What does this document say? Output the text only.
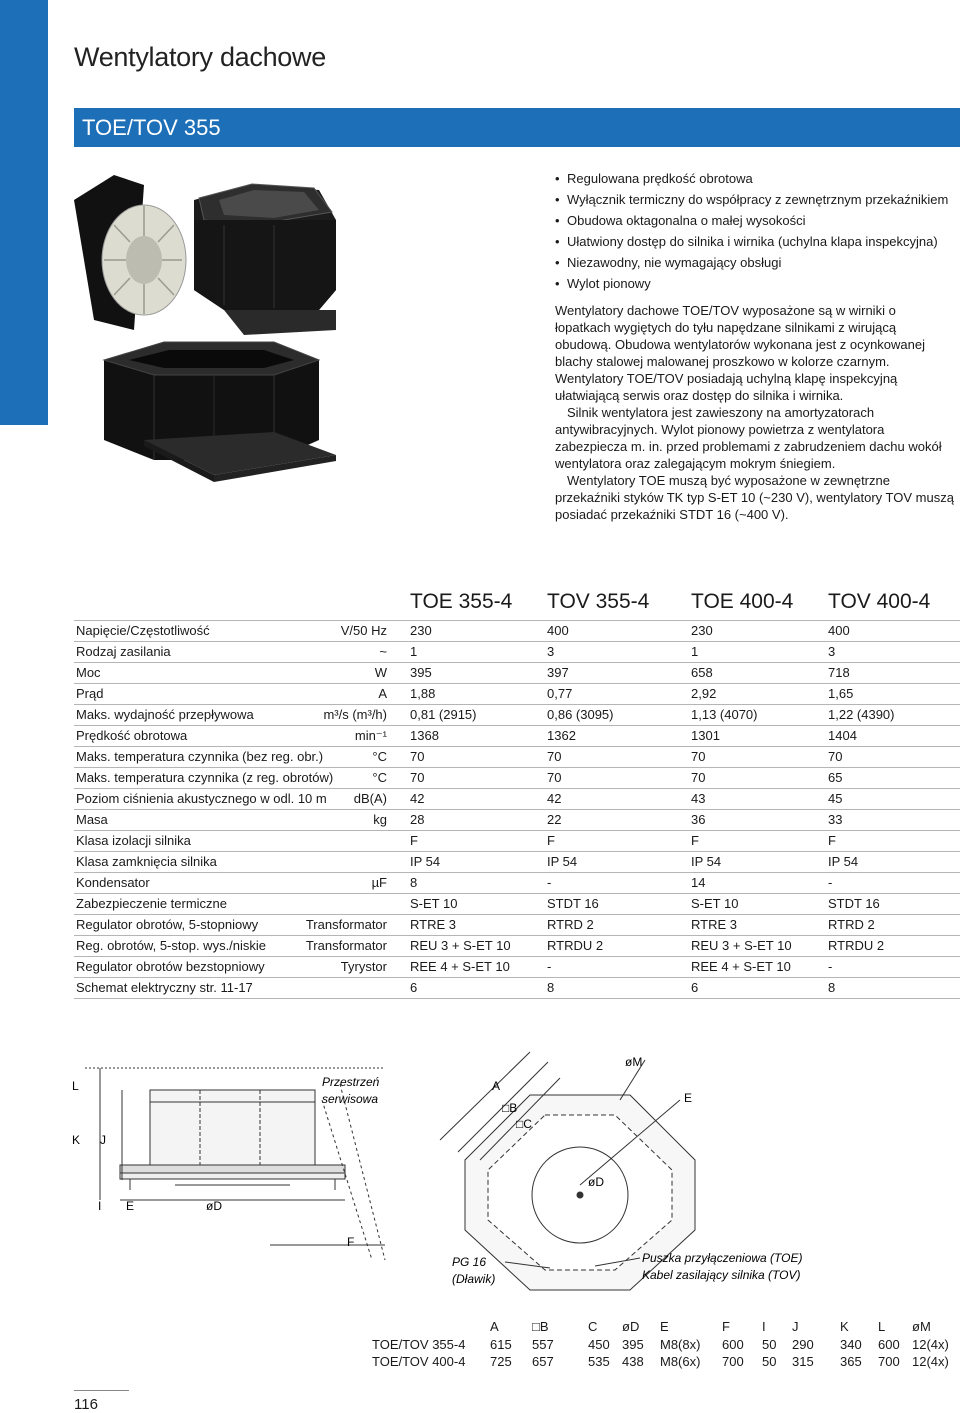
Wentylatory dachowe
TOE/TOV 355
• Regulowana prędkość obrotowa
• Wyłącznik termiczny do współpracy z zewnętrznym przekaźnikiem
• Obudowa oktagonalna o małej wysokości
• Ułatwiony dostęp do silnika i wirnika (uchylna klapa inspekcyjna)
• Niezawodny, nie wymagający obsługi
• Wylot pionowy

Wentylatory dachowe TOE/TOV wyposażone są w wirniki o łopatkach wygiętych do tyłu napędzane silnikami z wirującą obudową. Obudowa wentylatorów wykonana jest z ocynkowanej blachy stalowej malowanej proszkowo w kolorze czarnym. Wentylatory TOE/TOV posiadają uchylną klapę inspekcyjną ułatwiającą serwis oraz dostęp do silnika i wirnika.

Silnik wentylatora jest zawieszony na amortyzatorach antywibracyjnych. Wylot pionowy powietrza z wentylatora zabezpiecza m. in. przed problemami z zabrudzeniem dachu wokół wentylatora oraz zalegającym mokrym śniegiem.

Wentylatory TOE muszą być wyposażone w zewnętrzne przekaźniki styków TK typ S-ET 10 (~230 V), wentylatory TOV muszą posiadać przekaźniki STDT 16 (~400 V).

TOE 355-4 TOV 355-4 TOE 400-4 TOV 400-4
Napięcie/Częstotliwość	V/50 Hz 230	400	230	400
Rodzaj zasilania	~ 1	3	1	3
Moc	W 395	397	658	718
Prąd	A 1,88	0,77	2,92	1,65
Maks. wydajność przepływowa	m³/s (m³/h) 0,81 (2915)	0,86 (3095)	1,13 (4070)	1,22 (4390)
Prędkość obrotowa	min⁻¹ 1368	1362	1301	1404
Maks. temperatura czynnika (bez reg. obr.)	°C 70	70	70	70
Maks. temperatura czynnika (z reg. obrotów)	°C 70	70	70	65
Poziom ciśnienia akustycznego w odl. 10 m dB(A) 42	42	43	45
Masa	kg 28	22	36	33
Klasa izolacji silnika	F	F	F	F
Klasa zamknięcia silnika	IP 54	IP 54	IP 54	IP 54
Kondensator	µF 8	-	14	-
Zabezpieczenie termiczne	S-ET 10	STDT 16	S-ET 10	STDT 16
Regulator obrotów, 5-stopniowy	Transformator RTRE 3	RTRD 2	RTRE 3	RTRD 2
Reg. obrotów, 5-stop. wys./niskie	Transformator REU 3 + S-ET 10	RTRDU 2	REU 3 + S-ET 10	RTRDU 2
Regulator obrotów bezstopniowy	Tyrystor REE 4 + S-ET 10	-	REE 4 + S-ET 10	-
Schemat elektryczny str. 11-17	6	8	6	8
L
K J
I E	øD
F
Przestrzeń
serwisowa
A
□B
□C
øM
E
øD
PG 16
(Dławik)
Puszka przyłączeniowa (TOE)
Kabel zasilający silnika (TOV)
A	□B	C øD E	F I J	K L øM
TOE/TOV 355-4 615 557	450 395 M8(8x) 600 50 290 340 600 12(4x)
TOE/TOV 400-4 725 657	535 438 M8(6x) 700 50 315 365 700 12(4x)
116
